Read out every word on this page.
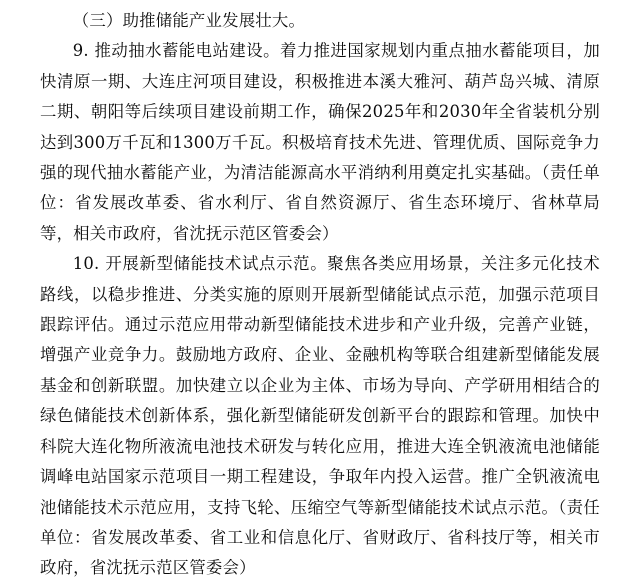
（三）助推储能产业发展壮大。

9. 推动抽水蓄能电站建设。着力推进国家规划内重点抽水蓄能项目，加快清原一期、大连庄河项目建设，积极推进本溪大雅河、葫芦岛兴城、清原二期、朝阳等后续项目建设前期工作，确保2025年和2030年全省装机分别达到300万千瓦和1300万千瓦。积极培育技术先进、管理优质、国际竞争力强的现代抽水蓄能产业，为清洁能源高水平消纳利用奠定扎实基础。（责任单位：省发展改革委、省水利厅、省自然资源厅、省生态环境厅、省林草局等，相关市政府，省沈抚示范区管委会）

10. 开展新型储能技术试点示范。聚焦各类应用场景，关注多元化技术路线，以稳步推进、分类实施的原则开展新型储能试点示范，加强示范项目跟踪评估。通过示范应用带动新型储能技术进步和产业升级，完善产业链，增强产业竞争力。鼓励地方政府、企业、金融机构等联合组建新型储能发展基金和创新联盟。加快建立以企业为主体、市场为导向、产学研用相结合的绿色储能技术创新体系，强化新型储能研发创新平台的跟踪和管理。加快中科院大连化物所液流电池技术研发与转化应用，推进大连全钒液流电池储能调峰电站国家示范项目一期工程建设，争取年内投入运营。推广全钒液流电池储能技术示范应用，支持飞轮、压缩空气等新型储能技术试点示范。（责任单位：省发展改革委、省工业和信息化厅、省财政厅、省科技厅等，相关市政府，省沈抚示范区管委会）
